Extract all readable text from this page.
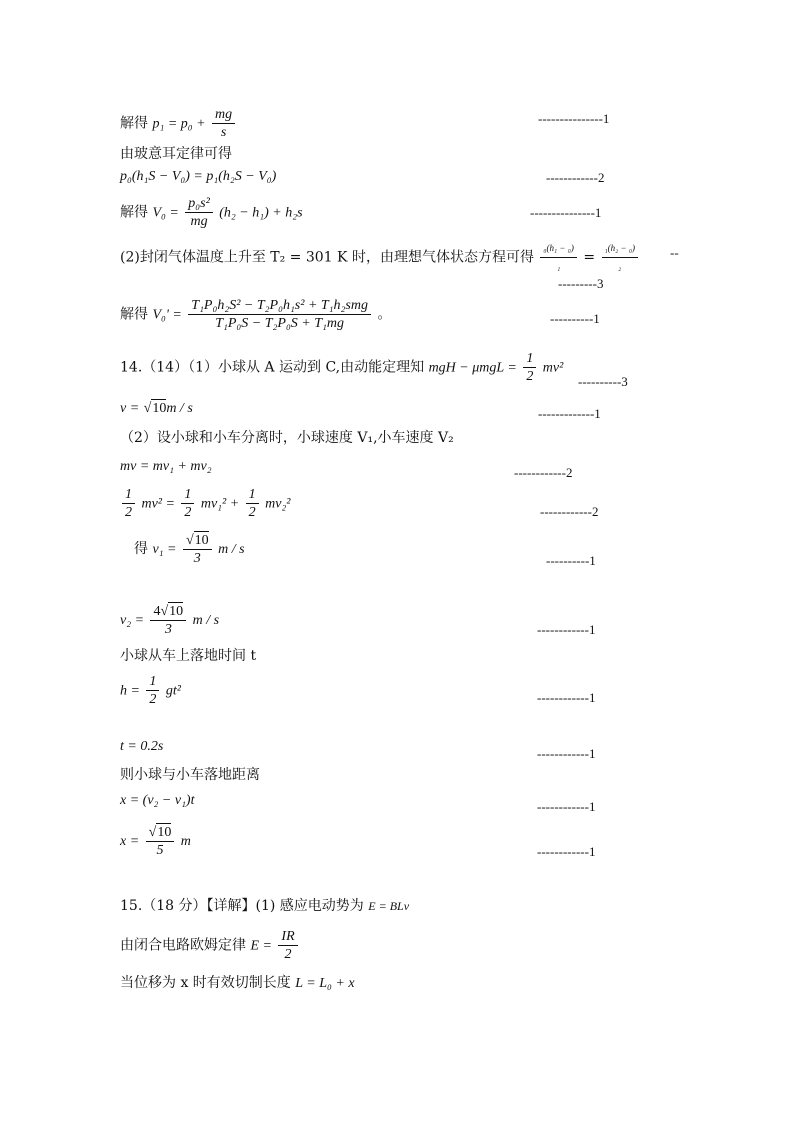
解得 $p_1 = p_0 + \frac{mg}{s}$	---------------1
由玻意耳定律可得
p₀(h₁S − V₀) = p₁(h₂S − V₀)	------------2
解得 $V_0 = \frac{\text{p₀s²}}{mg} (h_2 - h_1) + h_2s$	---------------1
(2)封闭气体温度上升至 T₂ = 301 K 时，由理想气体状态方程可得 $\frac{\text{₀(h₁ − ₀)}}{\text{₁}} = \frac{\text{₁(h₂ − ₀)}}{\text{₂}}$ --
---------3
解得 $V_0' = \frac{\text{T₁P₀h₂S² − T₂P₀h₁s² + T₁h₂smg}}{\text{T₁P₀S − T₂P₀S + T₁mg}}$ 。	----------1
14.（14）（1）小球从 A 运动到 C,由动能定理知 mgH − $\mu mgL = \frac{1}{2} mv^2$
----------3
v = √10m / s	-------------1
（2）设小球和小车分离时，小球速度 V₁,小车速度 V₂
mv = mv₁ + mv₂	------------2
$\frac{1}{2} mv^2 = \frac{1}{2} mv_1^2 + \frac{1}{2} mv_2^2$	------------2
得 $v_1 = \frac{√10}{3}$ m / s
----------1
$v_2 = \frac{4√10}{3}$ m / s
------------1
小球从车上落地时间 t
$h = \frac{1}{2} gt^2$	------------1
t = 0.2s	------------1
则小球与小车落地距离
x = (v₂ − v₁)t	------------1
$x = \frac{√10}{5}$ m
------------1
15.（18 分）【详解】(1) 感应电动势为 E = BLv
由闭合电路欧姆定律 $E = \frac{IR}{2}$
当位移为 x 时有效切制长度 L = L₀ + x
